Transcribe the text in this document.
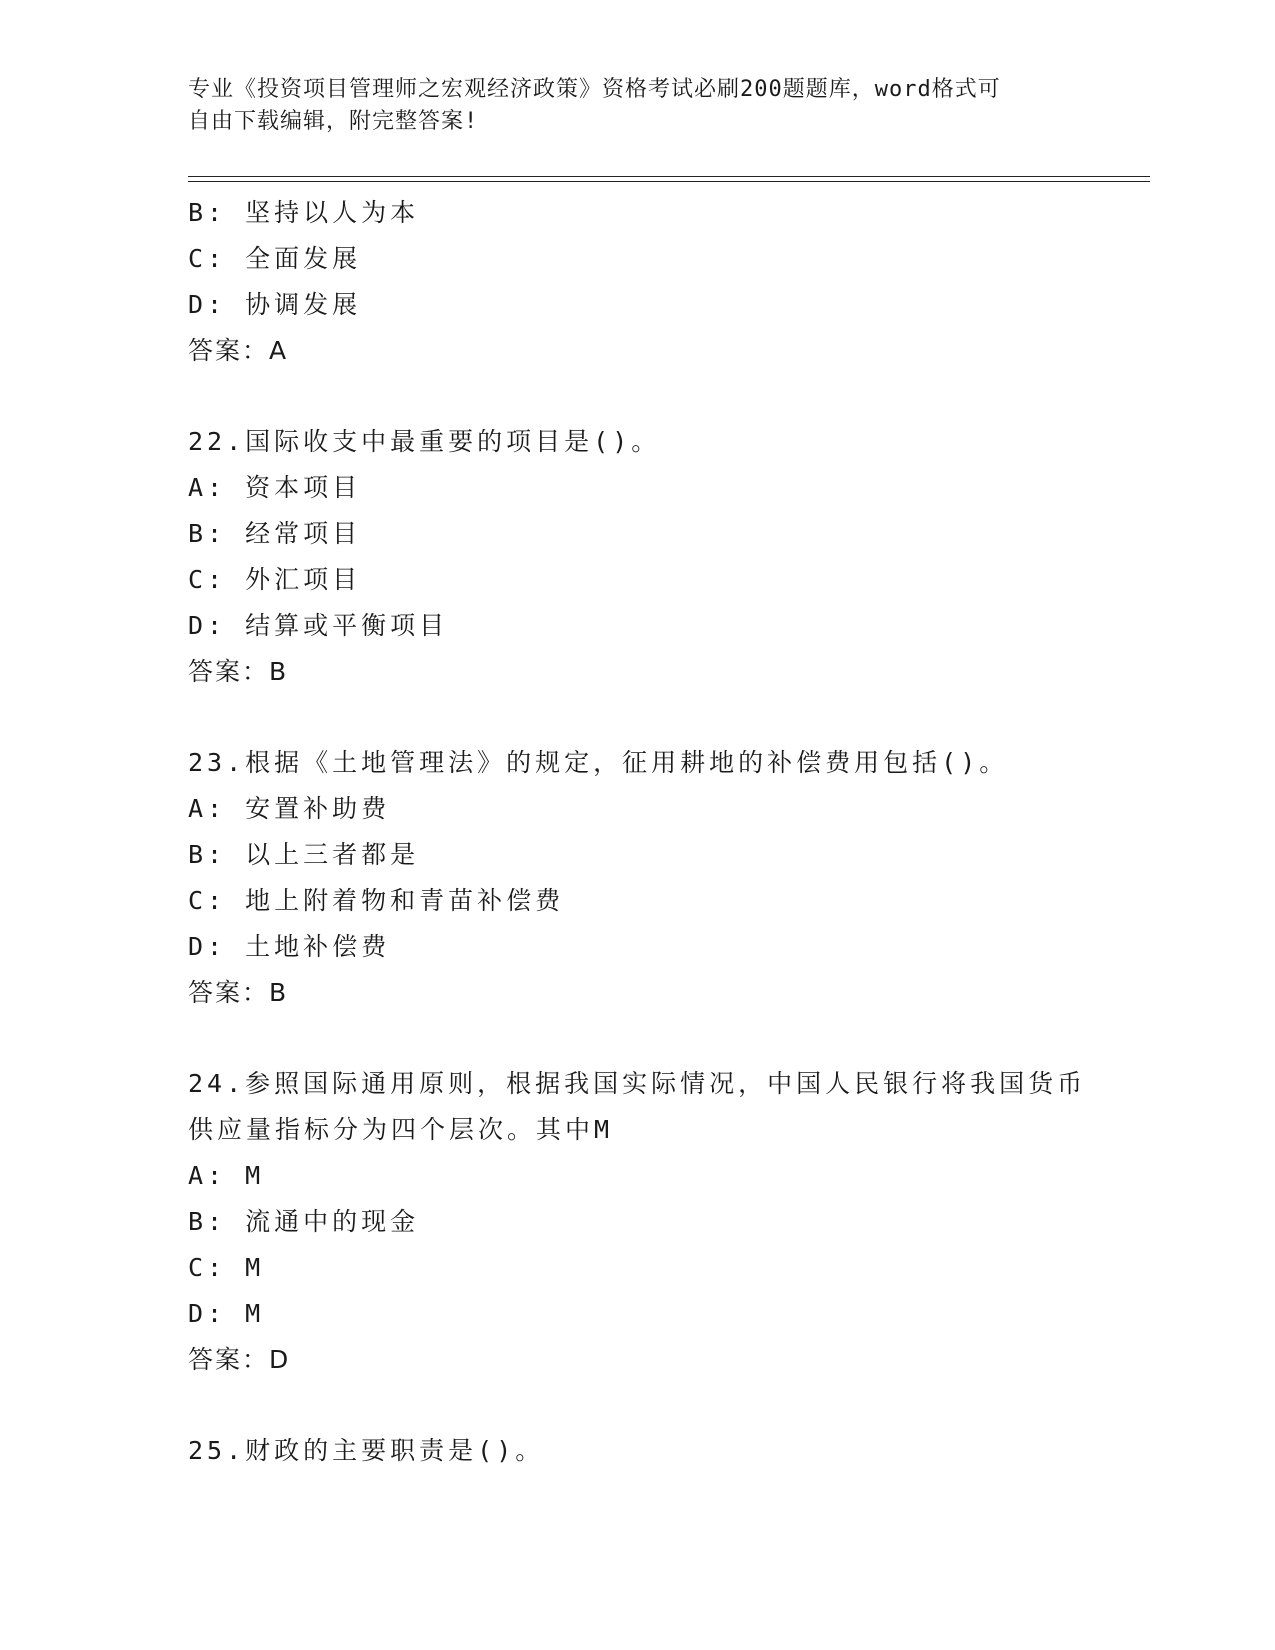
专业《投资项目管理师之宏观经济政策》资格考试必刷200题题库，word格式可
自由下载编辑，附完整答案!
B: 坚持以人为本
C: 全面发展
D: 协调发展
答案：A
22.国际收支中最重要的项目是()。
A: 资本项目
B: 经常项目
C: 外汇项目
D: 结算或平衡项目
答案：B
23.根据《土地管理法》的规定，征用耕地的补偿费用包括()。
A: 安置补助费
B: 以上三者都是
C: 地上附着物和青苗补偿费
D: 土地补偿费
答案：B
24.参照国际通用原则，根据我国实际情况，中国人民银行将我国货币
供应量指标分为四个层次。其中M
A: M
B: 流通中的现金
C: M
D: M
答案：D
25.财政的主要职责是()。
